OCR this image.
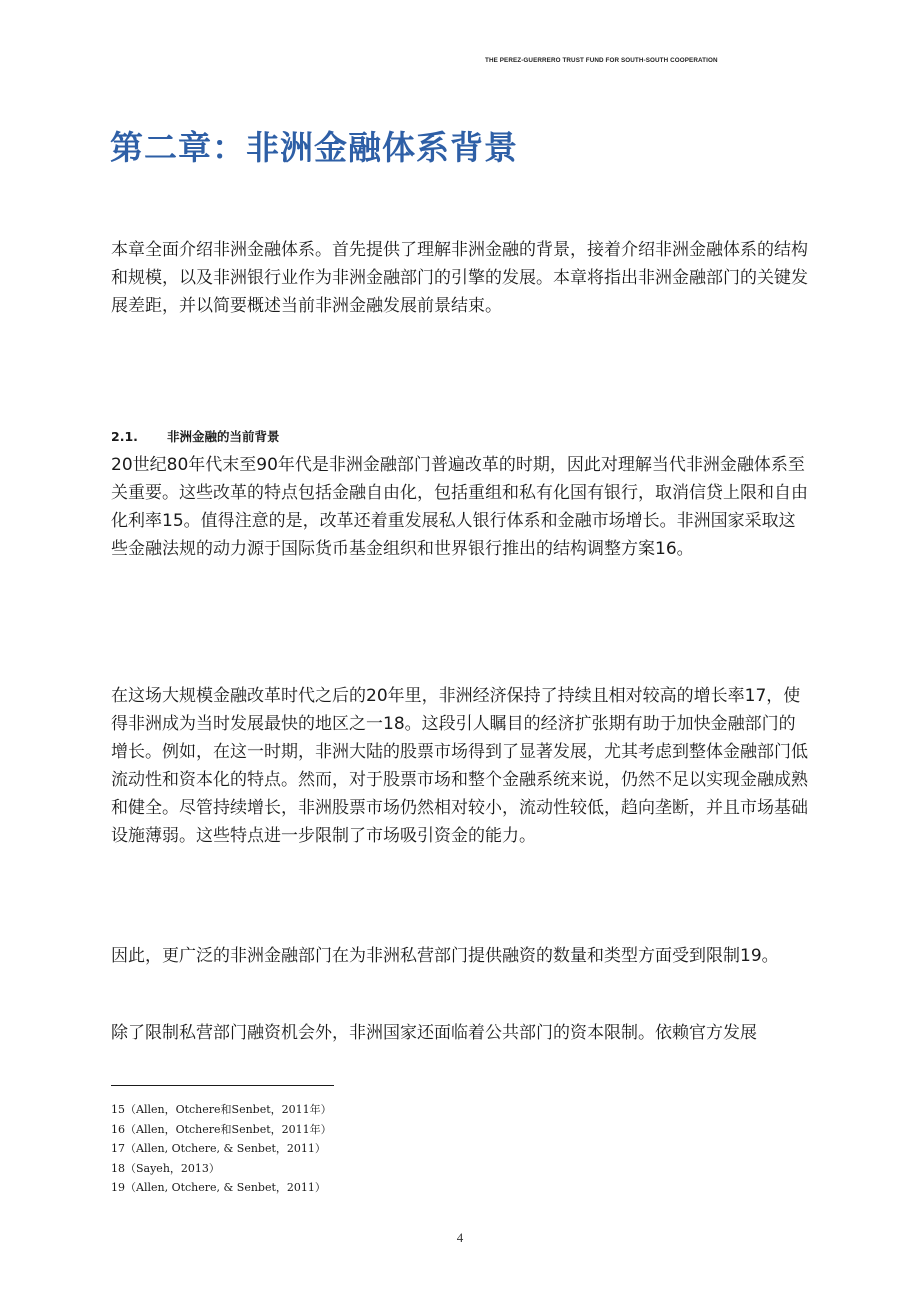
THE PEREZ-GUERRERO TRUST FUND FOR SOUTH-SOUTH COOPERATION
第二章：非洲金融体系背景

本章全面介绍非洲金融体系。首先提供了理解非洲金融的背景，接着介绍非洲金融体系的结构和规模，以及非洲银行业作为非洲金融部门的引擎的发展。本章将指出非洲金融部门的关键发展差距，并以简要概述当前非洲金融发展前景结束。

2.1. 非洲金融的当前背景

20世纪80年代末至90年代是非洲金融部门普遍改革的时期，因此对理解当代非洲金融体系至关重要。这些改革的特点包括金融自由化，包括重组和私有化国有银行，取消信贷上限和自由化利率15。值得注意的是，改革还着重发展私人银行体系和金融市场增长。非洲国家采取这些金融法规的动力源于国际货币基金组织和世界银行推出的结构调整方案16。

在这场大规模金融改革时代之后的20年里，非洲经济保持了持续且相对较高的增长率17，使得非洲成为当时发展最快的地区之一18。这段引人瞩目的经济扩张期有助于加快金融部门的增长。例如，在这一时期，非洲大陆的股票市场得到了显著发展，尤其考虑到整体金融部门低流动性和资本化的特点。然而，对于股票市场和整个金融系统来说，仍然不足以实现金融成熟和健全。尽管持续增长，非洲股票市场仍然相对较小，流动性较低，趋向垄断，并且市场基础设施薄弱。这些特点进一步限制了市场吸引资金的能力。

因此，更广泛的非洲金融部门在为非洲私营部门提供融资的数量和类型方面受到限制19。

除了限制私营部门融资机会外，非洲国家还面临着公共部门的资本限制。依赖官方发展

15（Allen，Otchere和Senbet，2011年）
16（Allen，Otchere和Senbet，2011年）
17（Allen, Otchere, & Senbet，2011）
18（Sayeh，2013）
19（Allen, Otchere, & Senbet，2011）
4
